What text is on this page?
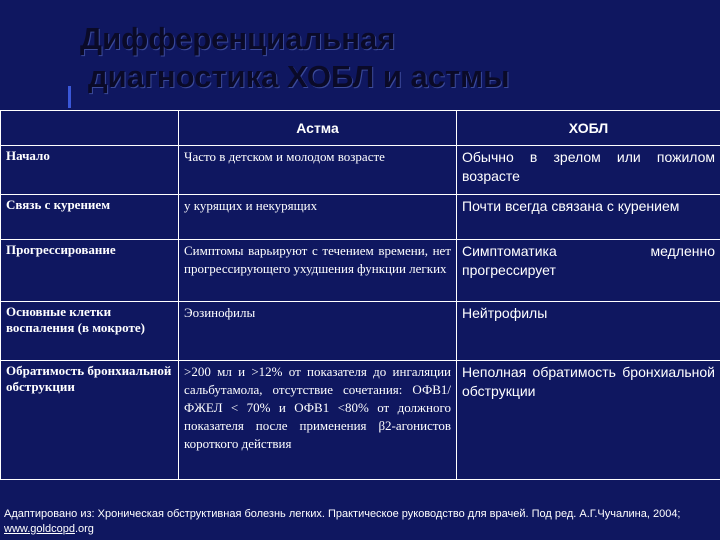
Дифференциальная
диагностика ХОБЛ и астмы
	Астма	ХОБЛ
Начало	Часто в детском и молодом возрасте	Обычно в зрелом или пожилом возрасте
Связь с курением	у курящих и некурящих	Почти всегда связана с курением
Прогрессирование	Симптомы варьируют с течением времени, нет прогрессирующего ухудшения функции легких	Симптоматика медленно прогрессирует
Основные клетки воспаления (в мокроте)	Эозинофилы	Нейтрофилы
Обратимость бронхиальной обструкции	>200 мл и >12% от показателя до ингаляции сальбутамола, отсутствие сочетания: ОФВ1/ФЖЕЛ < 70% и ОФВ1 <80% от должного показателя после применения β2-агонистов короткого действия	Неполная обратимость бронхиальной обструкции
Адаптировано из: Хроническая обструктивная болезнь легких. Практическое руководство для врачей. Под ред. А.Г.Чучалина, 2004; www.goldcopd.org
